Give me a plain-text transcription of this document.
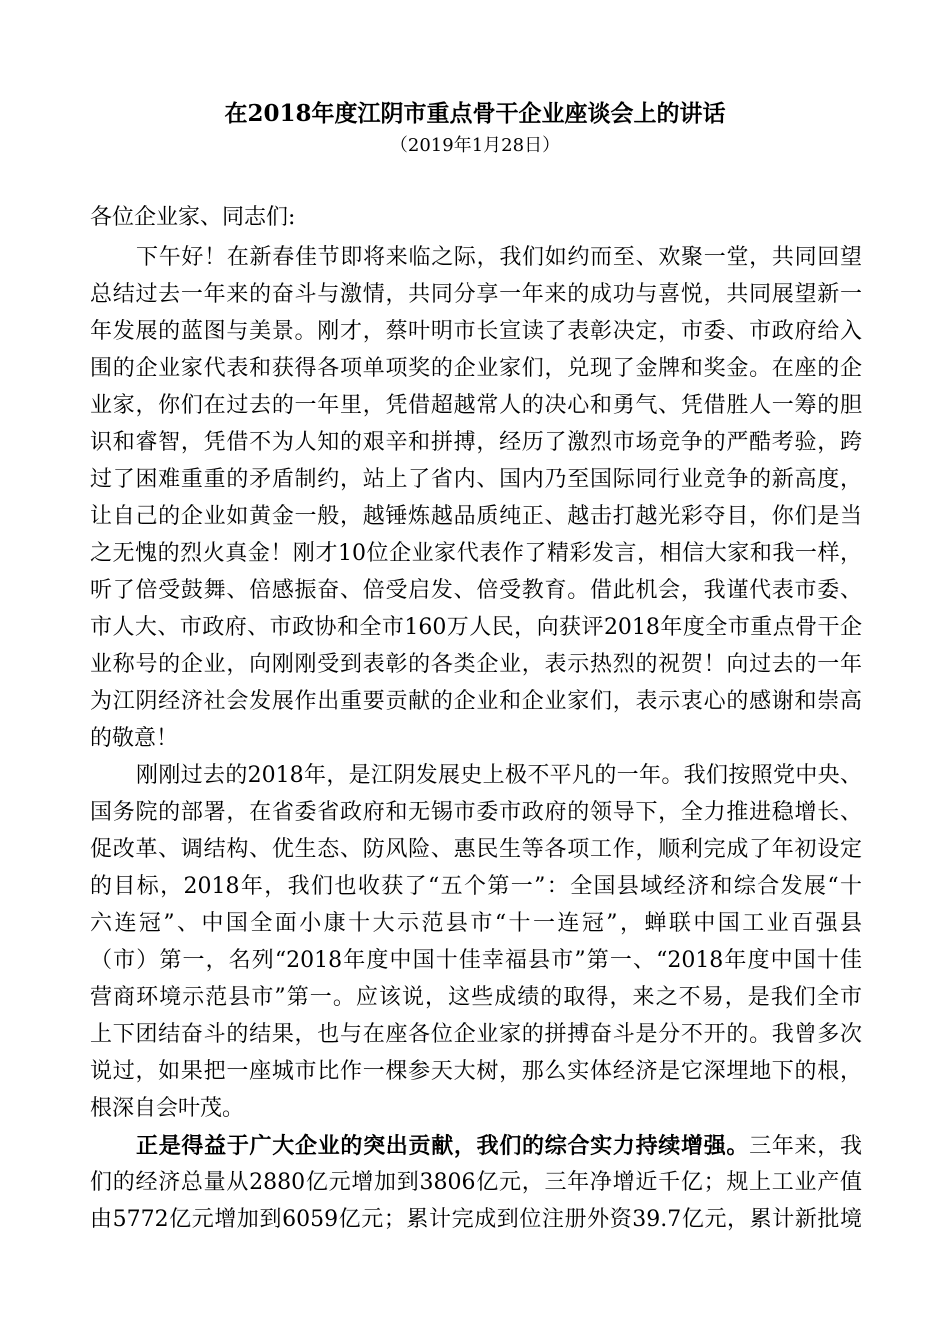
在2018年度江阴市重点骨干企业座谈会上的讲话
（2019年1月28日）
各位企业家、同志们:
下午好！在新春佳节即将来临之际，我们如约而至、欢聚一堂，共同回望
总结过去一年来的奋斗与激情，共同分享一年来的成功与喜悦，共同展望新一
年发展的蓝图与美景。刚才，蔡叶明市长宣读了表彰决定，市委、市政府给入
围的企业家代表和获得各项单项奖的企业家们，兑现了金牌和奖金。在座的企
业家，你们在过去的一年里，凭借超越常人的决心和勇气、凭借胜人一筹的胆
识和睿智，凭借不为人知的艰辛和拼搏，经历了激烈市场竞争的严酷考验，跨
过了困难重重的矛盾制约，站上了省内、国内乃至国际同行业竞争的新高度，
让自己的企业如黄金一般，越锤炼越品质纯正、越击打越光彩夺目，你们是当
之无愧的烈火真金！刚才10位企业家代表作了精彩发言，相信大家和我一样，
听了倍受鼓舞、倍感振奋、倍受启发、倍受教育。借此机会，我谨代表市委、
市人大、市政府、市政协和全市160万人民，向获评2018年度全市重点骨干企
业称号的企业，向刚刚受到表彰的各类企业，表示热烈的祝贺！向过去的一年
为江阴经济社会发展作出重要贡献的企业和企业家们，表示衷心的感谢和崇高
的敬意！
刚刚过去的2018年，是江阴发展史上极不平凡的一年。我们按照党中央、
国务院的部署，在省委省政府和无锡市委市政府的领导下，全力推进稳增长、
促改革、调结构、优生态、防风险、惠民生等各项工作，顺利完成了年初设定
的目标，2018年，我们也收获了“五个第一”：全国县域经济和综合发展“十
六连冠”、中国全面小康十大示范县市“十一连冠”，蝉联中国工业百强县
（市）第一，名列“2018年度中国十佳幸福县市”第一、“2018年度中国十佳
营商环境示范县市”第一。应该说，这些成绩的取得，来之不易，是我们全市
上下团结奋斗的结果，也与在座各位企业家的拼搏奋斗是分不开的。我曾多次
说过，如果把一座城市比作一棵参天大树，那么实体经济是它深埋地下的根，
根深自会叶茂。
正是得益于广大企业的突出贡献，我们的综合实力持续增强。三年来，我
们的经济总量从2880亿元增加到3806亿元，三年净增近千亿；规上工业产值
由5772亿元增加到6059亿元；累计完成到位注册外资39.7亿元，累计新批境
